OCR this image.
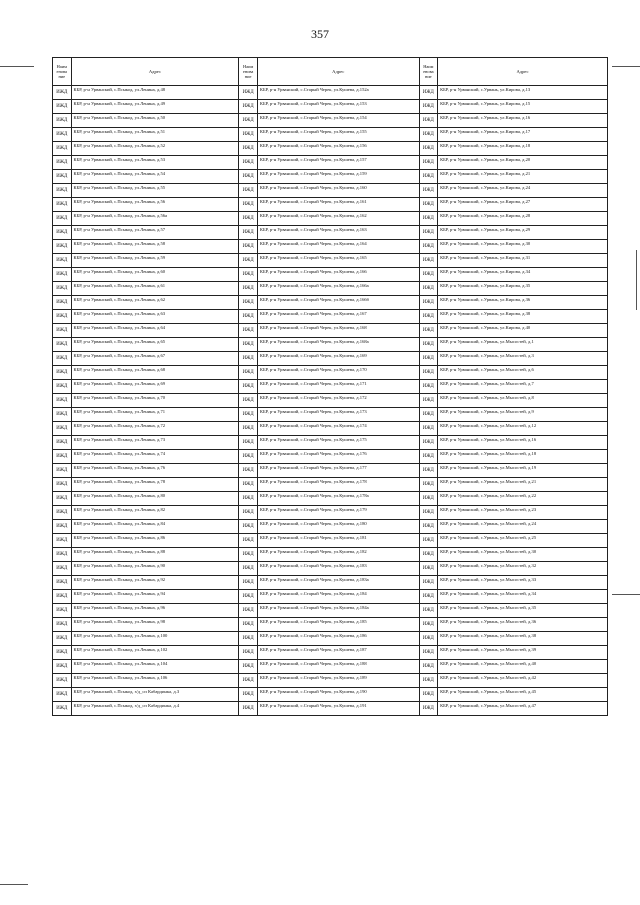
357
Наим енова ние	Адрес	Наим енова ние	Адрес	Наим енова ние	Адрес
ИЖД	КБР, р-н Урванский, с.Псыкод, ул.Ленина, д.48	ИЖД	КБР, р-н Урванский, с.Старый Черек, ул.Кушева, д.152а	ИЖД	КБР, р-н Урванский, с.Урвань, ул.Кирова, д.13
ИЖД	КБР, р-н Урванский, с.Псыкод, ул.Ленина, д.49	ИЖД	КБР, р-н Урванский, с.Старый Черек, ул.Кушева, д.153	ИЖД	КБР, р-н Урванский, с.Урвань, ул.Кирова, д.15
ИЖД	КБР, р-н Урванский, с.Псыкод, ул.Ленина, д.50	ИЖД	КБР, р-н Урванский, с.Старый Черек, ул.Кушева, д.154	ИЖД	КБР, р-н Урванский, с.Урвань, ул.Кирова, д.16
ИЖД	КБР, р-н Урванский, с.Псыкод, ул.Ленина, д.51	ИЖД	КБР, р-н Урванский, с.Старый Черек, ул.Кушева, д.155	ИЖД	КБР, р-н Урванский, с.Урвань, ул.Кирова, д.17
ИЖД	КБР, р-н Урванский, с.Псыкод, ул.Ленина, д.52	ИЖД	КБР, р-н Урванский, с.Старый Черек, ул.Кушева, д.156	ИЖД	КБР, р-н Урванский, с.Урвань, ул.Кирова, д.18
ИЖД	КБР, р-н Урванский, с.Псыкод, ул.Ленина, д.53	ИЖД	КБР, р-н Урванский, с.Старый Черек, ул.Кушева, д.157	ИЖД	КБР, р-н Урванский, с.Урвань, ул.Кирова, д.20
ИЖД	КБР, р-н Урванский, с.Псыкод, ул.Ленина, д.54	ИЖД	КБР, р-н Урванский, с.Старый Черек, ул.Кушева, д.159	ИЖД	КБР, р-н Урванский, с.Урвань, ул.Кирова, д.21
ИЖД	КБР, р-н Урванский, с.Псыкод, ул.Ленина, д.55	ИЖД	КБР, р-н Урванский, с.Старый Черек, ул.Кушева, д.160	ИЖД	КБР, р-н Урванский, с.Урвань, ул.Кирова, д.24
ИЖД	КБР, р-н Урванский, с.Псыкод, ул.Ленина, д.56	ИЖД	КБР, р-н Урванский, с.Старый Черек, ул.Кушева, д.161	ИЖД	КБР, р-н Урванский, с.Урвань, ул.Кирова, д.27
ИЖД	КБР, р-н Урванский, с.Псыкод, ул.Ленина, д.56а	ИЖД	КБР, р-н Урванский, с.Старый Черек, ул.Кушева, д.162	ИЖД	КБР, р-н Урванский, с.Урвань, ул.Кирова, д.28
ИЖД	КБР, р-н Урванский, с.Псыкод, ул.Ленина, д.57	ИЖД	КБР, р-н Урванский, с.Старый Черек, ул.Кушева, д.163	ИЖД	КБР, р-н Урванский, с.Урвань, ул.Кирова, д.29
ИЖД	КБР, р-н Урванский, с.Псыкод, ул.Ленина, д.58	ИЖД	КБР, р-н Урванский, с.Старый Черек, ул.Кушева, д.164	ИЖД	КБР, р-н Урванский, с.Урвань, ул.Кирова, д.30
ИЖД	КБР, р-н Урванский, с.Псыкод, ул.Ленина, д.59	ИЖД	КБР, р-н Урванский, с.Старый Черек, ул.Кушева, д.165	ИЖД	КБР, р-н Урванский, с.Урвань, ул.Кирова, д.31
ИЖД	КБР, р-н Урванский, с.Псыкод, ул.Ленина, д.60	ИЖД	КБР, р-н Урванский, с.Старый Черек, ул.Кушева, д.166	ИЖД	КБР, р-н Урванский, с.Урвань, ул.Кирова, д.34
ИЖД	КБР, р-н Урванский, с.Псыкод, ул.Ленина, д.61	ИЖД	КБР, р-н Урванский, с.Старый Черек, ул.Кушева, д.166а	ИЖД	КБР, р-н Урванский, с.Урвань, ул.Кирова, д.35
ИЖД	КБР, р-н Урванский, с.Псыкод, ул.Ленина, д.62	ИЖД	КБР, р-н Урванский, с.Старый Черек, ул.Кушева, д.166б	ИЖД	КБР, р-н Урванский, с.Урвань, ул.Кирова, д.36
ИЖД	КБР, р-н Урванский, с.Псыкод, ул.Ленина, д.63	ИЖД	КБР, р-н Урванский, с.Старый Черек, ул.Кушева, д.167	ИЖД	КБР, р-н Урванский, с.Урвань, ул.Кирова, д.38
ИЖД	КБР, р-н Урванский, с.Псыкод, ул.Ленина, д.64	ИЖД	КБР, р-н Урванский, с.Старый Черек, ул.Кушева, д.168	ИЖД	КБР, р-н Урванский, с.Урвань, ул.Кирова, д.40
ИЖД	КБР, р-н Урванский, с.Псыкод, ул.Ленина, д.65	ИЖД	КБР, р-н Урванский, с.Старый Черек, ул.Кушева, д.168а	ИЖД	КБР, р-н Урванский, с.Урвань, ул.Мысостей, д.1
ИЖД	КБР, р-н Урванский, с.Псыкод, ул.Ленина, д.67	ИЖД	КБР, р-н Урванский, с.Старый Черек, ул.Кушева, д.169	ИЖД	КБР, р-н Урванский, с.Урвань, ул.Мысостей, д.3
ИЖД	КБР, р-н Урванский, с.Псыкод, ул.Ленина, д.68	ИЖД	КБР, р-н Урванский, с.Старый Черек, ул.Кушева, д.170	ИЖД	КБР, р-н Урванский, с.Урвань, ул.Мысостей, д.6
ИЖД	КБР, р-н Урванский, с.Псыкод, ул.Ленина, д.69	ИЖД	КБР, р-н Урванский, с.Старый Черек, ул.Кушева, д.171	ИЖД	КБР, р-н Урванский, с.Урвань, ул.Мысостей, д.7
ИЖД	КБР, р-н Урванский, с.Псыкод, ул.Ленина, д.70	ИЖД	КБР, р-н Урванский, с.Старый Черек, ул.Кушева, д.172	ИЖД	КБР, р-н Урванский, с.Урвань, ул.Мысостей, д.8
ИЖД	КБР, р-н Урванский, с.Псыкод, ул.Ленина, д.71	ИЖД	КБР, р-н Урванский, с.Старый Черек, ул.Кушева, д.173	ИЖД	КБР, р-н Урванский, с.Урвань, ул.Мысостей, д.9
ИЖД	КБР, р-н Урванский, с.Псыкод, ул.Ленина, д.72	ИЖД	КБР, р-н Урванский, с.Старый Черек, ул.Кушева, д.174	ИЖД	КБР, р-н Урванский, с.Урвань, ул.Мысостей, д.12
ИЖД	КБР, р-н Урванский, с.Псыкод, ул.Ленина, д.73	ИЖД	КБР, р-н Урванский, с.Старый Черек, ул.Кушева, д.175	ИЖД	КБР, р-н Урванский, с.Урвань, ул.Мысостей, д.16
ИЖД	КБР, р-н Урванский, с.Псыкод, ул.Ленина, д.74	ИЖД	КБР, р-н Урванский, с.Старый Черек, ул.Кушева, д.176	ИЖД	КБР, р-н Урванский, с.Урвань, ул.Мысостей, д.18
ИЖД	КБР, р-н Урванский, с.Псыкод, ул.Ленина, д.76	ИЖД	КБР, р-н Урванский, с.Старый Черек, ул.Кушева, д.177	ИЖД	КБР, р-н Урванский, с.Урвань, ул.Мысостей, д.19
ИЖД	КБР, р-н Урванский, с.Псыкод, ул.Ленина, д.78	ИЖД	КБР, р-н Урванский, с.Старый Черек, ул.Кушева, д.178	ИЖД	КБР, р-н Урванский, с.Урвань, ул.Мысостей, д.21
ИЖД	КБР, р-н Урванский, с.Псыкод, ул.Ленина, д.80	ИЖД	КБР, р-н Урванский, с.Старый Черек, ул.Кушева, д.178а	ИЖД	КБР, р-н Урванский, с.Урвань, ул.Мысостей, д.22
ИЖД	КБР, р-н Урванский, с.Псыкод, ул.Ленина, д.82	ИЖД	КБР, р-н Урванский, с.Старый Черек, ул.Кушева, д.179	ИЖД	КБР, р-н Урванский, с.Урвань, ул.Мысостей, д.23
ИЖД	КБР, р-н Урванский, с.Псыкод, ул.Ленина, д.84	ИЖД	КБР, р-н Урванский, с.Старый Черек, ул.Кушева, д.180	ИЖД	КБР, р-н Урванский, с.Урвань, ул.Мысостей, д.24
ИЖД	КБР, р-н Урванский, с.Псыкод, ул.Ленина, д.86	ИЖД	КБР, р-н Урванский, с.Старый Черек, ул.Кушева, д.181	ИЖД	КБР, р-н Урванский, с.Урвань, ул.Мысостей, д.25
ИЖД	КБР, р-н Урванский, с.Псыкод, ул.Ленина, д.88	ИЖД	КБР, р-н Урванский, с.Старый Черек, ул.Кушева, д.182	ИЖД	КБР, р-н Урванский, с.Урвань, ул.Мысостей, д.30
ИЖД	КБР, р-н Урванский, с.Псыкод, ул.Ленина, д.90	ИЖД	КБР, р-н Урванский, с.Старый Черек, ул.Кушева, д.183	ИЖД	КБР, р-н Урванский, с.Урвань, ул.Мысостей, д.32
ИЖД	КБР, р-н Урванский, с.Псыкод, ул.Ленина, д.92	ИЖД	КБР, р-н Урванский, с.Старый Черек, ул.Кушева, д.183а	ИЖД	КБР, р-н Урванский, с.Урвань, ул.Мысостей, д.33
ИЖД	КБР, р-н Урванский, с.Псыкод, ул.Ленина, д.94	ИЖД	КБР, р-н Урванский, с.Старый Черек, ул.Кушева, д.184	ИЖД	КБР, р-н Урванский, с.Урвань, ул.Мысостей, д.34
ИЖД	КБР, р-н Урванский, с.Псыкод, ул.Ленина, д.96	ИЖД	КБР, р-н Урванский, с.Старый Черек, ул.Кушева, д.184а	ИЖД	КБР, р-н Урванский, с.Урвань, ул.Мысостей, д.35
ИЖД	КБР, р-н Урванский, с.Псыкод, ул.Ленина, д.98	ИЖД	КБР, р-н Урванский, с.Старый Черек, ул.Кушева, д.185	ИЖД	КБР, р-н Урванский, с.Урвань, ул.Мысостей, д.36
ИЖД	КБР, р-н Урванский, с.Псыкод, ул.Ленина, д.100	ИЖД	КБР, р-н Урванский, с.Старый Черек, ул.Кушева, д.186	ИЖД	КБР, р-н Урванский, с.Урвань, ул.Мысостей, д.38
ИЖД	КБР, р-н Урванский, с.Псыкод, ул.Ленина, д.102	ИЖД	КБР, р-н Урванский, с.Старый Черек, ул.Кушева, д.187	ИЖД	КБР, р-н Урванский, с.Урвань, ул.Мысостей, д.39
ИЖД	КБР, р-н Урванский, с.Псыкод, ул.Ленина, д.104	ИЖД	КБР, р-н Урванский, с.Старый Черек, ул.Кушева, д.188	ИЖД	КБР, р-н Урванский, с.Урвань, ул.Мысостей, д.40
ИЖД	КБР, р-н Урванский, с.Псыкод, ул.Ленина, д.106	ИЖД	КБР, р-н Урванский, с.Старый Черек, ул.Кушева, д.189	ИЖД	КБР, р-н Урванский, с.Урвань, ул.Мысостей, д.42
ИЖД	КБР, р-н Урванский, с.Псыкод, з/д_сп Кабардинка, д.3	ИЖД	КБР, р-н Урванский, с.Старый Черек, ул.Кушева, д.190	ИЖД	КБР, р-н Урванский, с.Урвань, ул.Мысостей, д.45
ИЖД	КБР, р-н Урванский, с.Псыкод, з/д_сп Кабардинка, д.4	ИЖД	КБР, р-н Урванский, с.Старый Черек, ул.Кушева, д.191	ИЖД	КБР, р-н Урванский, с.Урвань, ул.Мысостей, д.47
